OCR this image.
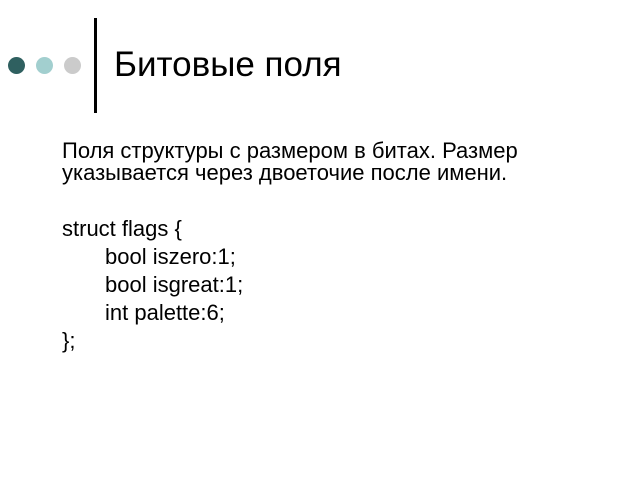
Битовые поля

Поля структуры с размером в битах. Размер
указывается через двоеточие после имени.

struct flags {
bool iszero:1;
bool isgreat:1;
int palette:6;
};
